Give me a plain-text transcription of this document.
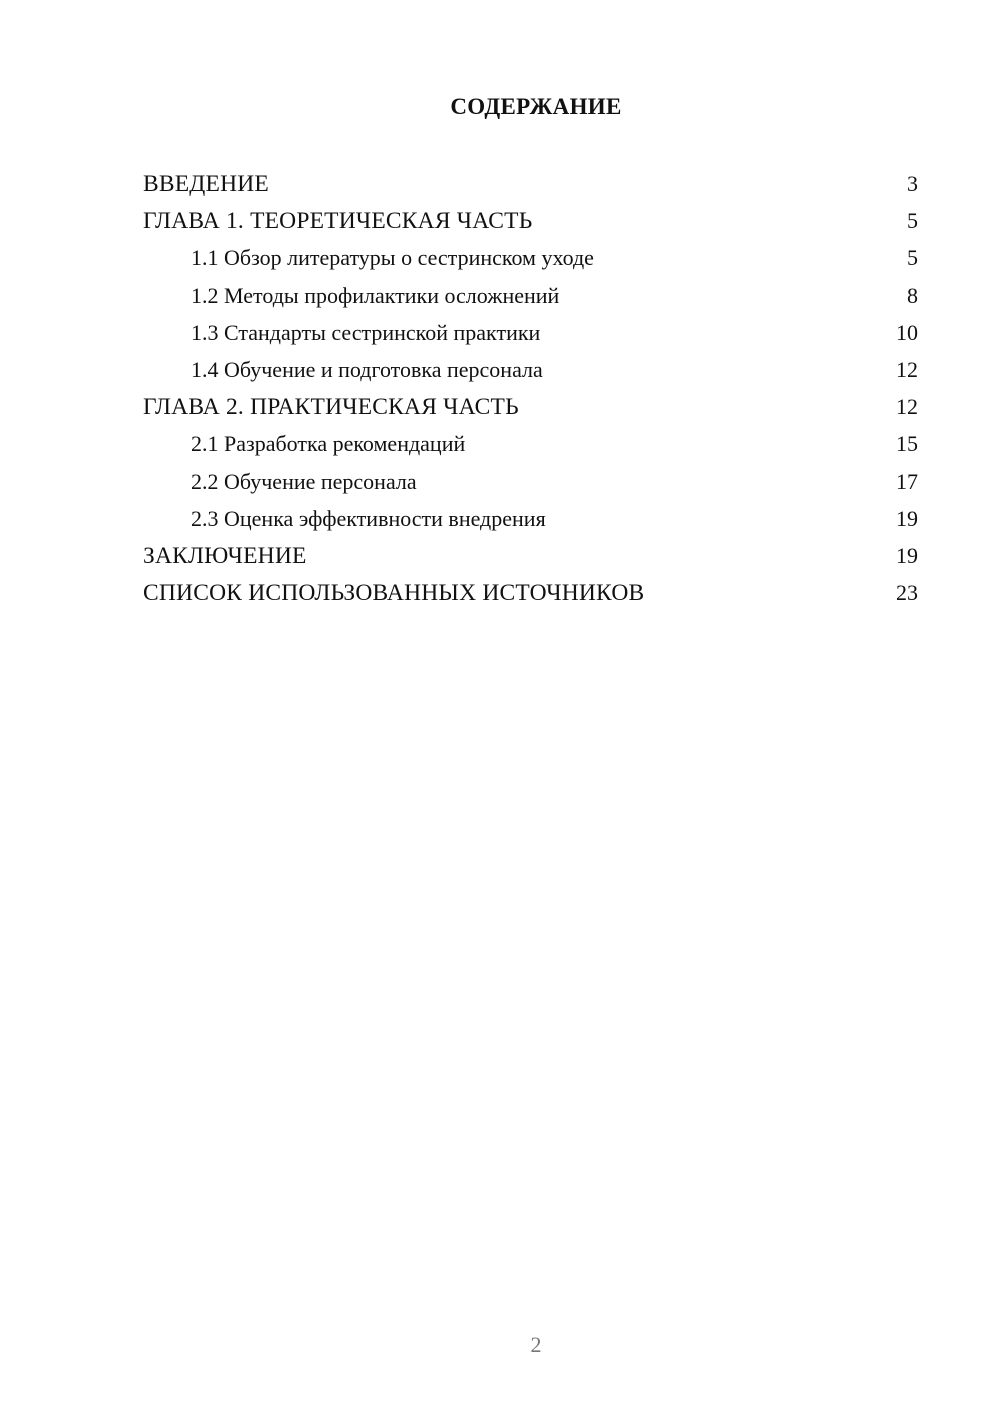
СОДЕРЖАНИЕ
ВВЕДЕНИЕ	3
ГЛАВА 1. ТЕОРЕТИЧЕСКАЯ ЧАСТЬ	5
1.1 Обзор литературы о сестринском уходе	5
1.2 Методы профилактики осложнений	8
1.3 Стандарты сестринской практики	10
1.4 Обучение и подготовка персонала	12
ГЛАВА 2. ПРАКТИЧЕСКАЯ ЧАСТЬ	12
2.1 Разработка рекомендаций	15
2.2 Обучение персонала	17
2.3 Оценка эффективности внедрения	19
ЗАКЛЮЧЕНИЕ	19
СПИСОК ИСПОЛЬЗОВАННЫХ ИСТОЧНИКОВ	23
2
